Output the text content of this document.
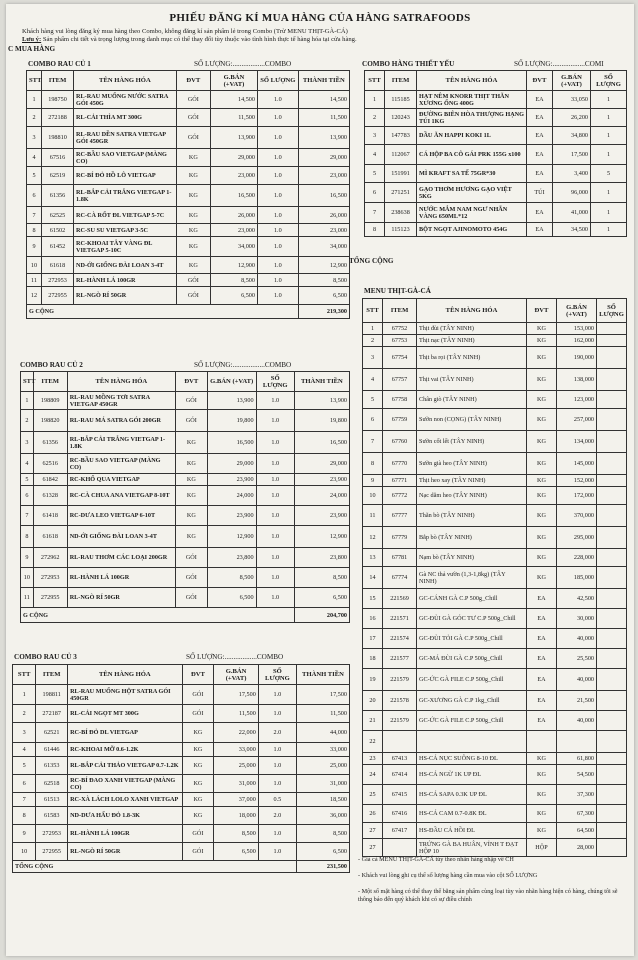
PHIẾU ĐĂNG KÍ MUA HÀNG CỦA HÀNG SATRAFOODS
Khách hàng vui lòng đăng ký mua hàng theo Combo, không đăng kí sản phẩm lẻ trong Combo (Trừ MENU THỊT-GÀ-CÁ)
Lưu ý: Sản phẩm chi tiết và trọng lượng trong danh mục có thể thay đổi tùy thuộc vào tình hình thực tế hàng hóa tại cửa hàng.
C MUA HÀNG
COMBO RAU CỦ 1	SỐ LƯỢNG:..................COMBO
STT	ITEM	TÊN HÀNG HÓA	ĐVT	G.BÁN (+VAT)	SỐ LƯỢNG	THÀNH TIỀN
1	198750	RL-RAU MUỐNG NƯỚC SATRA GÓI 450G	GÓI	14,500	1.0	14,500
2	272188	RL-CẢI THÌA MT 300G	GÓI	11,500	1.0	11,500
3	198810	RL-RAU DỀN SATRA VIETGAP GÓI 450GR	GÓI	13,900	1.0	13,900
4	67516	RC-BẦU SAO VIETGAP (MÀNG CO)	KG	29,000	1.0	29,000
5	62519	RC-BÍ ĐỎ HỒ LÔ VIETGAP	KG	23,000	1.0	23,000
6	61356	RL-BẮP CẢI TRẮNG VIETGAP 1-1.8K	KG	16,500	1.0	16,500
7	62525	RC-CÀ RỐT ĐL VIETGAP 5-7C	KG	26,000	1.0	26,000
8	61502	RC-SU SU VIETGAP 3-5C	KG	23,000	1.0	23,000
9	61452	RC-KHOAI TÂY VÀNG ĐL VIETGAP 5-10C	KG	34,000	1.0	34,000
10	61618	ND-ỚI GIỐNG ĐÀI LOAN 3-4T	KG	12,900	1.0	12,900
11	272953	RL-HÀNH LÁ 100GR	GÓI	8,500	1.0	8,500
12	272955	RL-NGÒ RÍ 50GR	GÓI	6,500	1.0	6,500
G CỘNG						219,300
COMBO RAU CỦ 2	SỐ LƯỢNG:..................COMBO
STT	ITEM	TÊN HÀNG HÓA	ĐVT	G.BÁN (+VAT)	SỐ LƯỢNG	THÀNH TIỀN
1	198809	RL-RAU MỒNG TƠI SATRA VIETGAP 450GR	GÓI	13,900	1.0	13,900
2	198820	RL-RAU MÁ SATRA GÓI 200GR	GÓI	19,800	1.0	19,800
3	61356	RL-BẮP CẢI TRẮNG VIETGAP 1-1.8K	KG	16,500	1.0	16,500
4	62516	RC-BẦU SAO VIETGAP (MÀNG CO)	KG	29,000	1.0	29,000
5	61842	RC-KHỔ QUA VIETGAP	KG	23,900	1.0	23,900
6	61328	RC-CÀ CHUA ANA VIETGAP 8-10T	KG	24,000	1.0	24,000
7	61418	RC-DƯA LEO VIETGAP 6-10T	KG	23,900	1.0	23,900
8	61618	ND-ỚI GIỐNG ĐÀI LOAN 3-4T	KG	12,900	1.0	12,900
9	272962	RL-RAU THƠM CÁC LOẠI 200GR	GÓI	23,800	1.0	23,800
10	272953	RL-HÀNH LÁ 100GR	GÓI	8,500	1.0	8,500
11	272955	RL-NGÒ RÍ 50GR	GÓI	6,500	1.0	6,500
G CỘNG						204,700
COMBO RAU CỦ 3	SỐ LƯỢNG:..................COMBO
STT	ITEM	TÊN HÀNG HÓA	ĐVT	G.BÁN (+VAT)	SỐ LƯỢNG	THÀNH TIỀN
1	198811	RL-RAU MUỐNG HỘT SATRA GÓI 450GR	GÓI	17,500	1.0	17,500
2	272187	RL-CẢI NGỌT MT 300G	GÓI	11,500	1.0	11,500
3	62521	RC-BÍ ĐỎ DL VIETGAP	KG	22,000	2.0	44,000
4	61446	RC-KHOAI MỠ 0.6-1.2K	KG	33,000	1.0	33,000
5	61353	RL-BẮP CẢI THẢO VIETGAP 0.7-1.2K	KG	25,000	1.0	25,000
6	62518	RC-BÍ ĐAO XANH VIETGAP (MÀNG CO)	KG	31,000	1.0	31,000
7	61513	RC-XÀ LÁCH LOLO XANH VIETGAP	KG	37,000	0.5	18,500
8	61583	ND-DƯA HẤU ĐỎ 1.8-3K	KG	18,000	2.0	36,000
9	272953	RL-HÀNH LÁ 100GR	GÓI	8,500	1.0	8,500
10	272955	RL-NGÒ RÍ 50GR	GÓI	6,500	1.0	6,500
TỔNG CỘNG						231,500
COMBO HÀNG THIẾT YẾU	SỐ LƯỢNG:..................COMI
STT	ITEM	TÊN HÀNG HÓA	ĐVT	G.BÁN (+VAT)	SỐ LƯỢNG
1	115185	HẠT NÊM KNORR THỊT THĂN XƯƠNG ỐNG 400G	EA	33,050	1
2	120243	ĐƯỜNG BIÊN HÒA THƯỢNG HẠNG TÚI 1KG	EA	26,200	1
3	147783	DẦU ĂN HAPPI KOKI 1L	EA	34,800	1
4	112067	CÁ HỘP BA CÔ GÁI PRK 155G x100	EA	17,500	1
5	151991	MÌ KRAFT SA TẾ 75GR*30	EA	3,400	5
6	271251	GẠO THƠM HƯƠNG GẠO VIỆT 5KG	TÚI	96,000	1
7	238638	NƯỚC MẮM NAM NGƯ NHÃN VÀNG 650ML*12	EA	41,000	1
8	115123	BỘT NGỌT AJINOMOTO 454G	EA	34,500	1
TỔNG CỘNG
MENU THỊT-GÀ-CÁ
STT	ITEM	TÊN HÀNG HÓA	ĐVT	G.BÁN (+VAT)	SỐ LƯỢNG
1	67752	Thịt đùi (TÂY NINH)	KG	153,000	
2	67753	Thịt nạc (TÂY NINH)	KG	162,000	
3	67754	Thịt ba rọi (TÂY NINH)	KG	190,000	
4	67757	Thịt vai (TÂY NINH)	KG	138,000	
5	67758	Chân giò (TÂY NINH)	KG	123,000	
6	67759	Sườn non (CỌNG) (TÂY NINH)	KG	257,000	
7	67760	Sườn cốt lết (TÂY NINH)	KG	134,000	
8	67770	Sườn già heo (TÂY NINH)	KG	145,000	
9	67771	Thịt heo xay (TÂY NINH)	KG	152,000	
10	67772	Nạc dăm heo (TÂY NINH)	KG	172,000	
11	67777	Thăn bò (TÂY NINH)	KG	370,000	
12	67779	Bắp bò (TÂY NINH)	KG	295,000	
13	67781	Nạm bò (TÂY NINH)	KG	228,000	
14	67774	Gà NC thả vườn (1,3-1,8kg) (TÂY NINH)	KG	185,000	
15	221569	GC-CÁNH GÀ C.P 500g_Chill	EA	42,500	
16	221571	GC-ĐÙI GÀ GÓC TƯ C.P 500g_Chill	EA	30,000	
17	221574	GC-ĐÙI TỎI GÀ C.P 500g_Chill	EA	40,000	
18	221577	GC-MÁ ĐÙI GÀ C.P 500g_Chill	EA	25,500	
19	221579	GC-ỨC GÀ FILE C.P 500g_Chill	EA	40,000	
20	221578	GC-XƯƠNG GÀ C.P 1kg_Chill	EA	21,500	
21	221579	GC-ỨC GÀ FILE C.P 500g_Chill	EA	40,000	
22					
23	67413	HS-CÁ NỤC SUÔNG 8-10 ĐL	KG	61,800	
24	67414	HS-CÁ NGỪ 1K UP ĐL	KG	54,500	
25	67415	HS-CÁ SAPA 0.3K UP ĐL	KG	37,300	
26	67416	HS-CÁ CAM 0.7-0.8K ĐL	KG	67,300	
27	67417	HS-ĐẦU CÁ HỒI ĐL	KG	64,500	
27		TRỨNG GÀ BA HUÂN, VỈNH T ĐẠT HỘP 10	HỘP	28,000	
- Giá cả MENU THỊT-GÀ-CÁ tùy theo nhãn hàng nhập về CH
- Khách vui lòng ghi cụ thể số lượng hàng cần mua vào cột SỐ LƯỢNG
- Một số mặt hàng có thể thay thế bằng sản phẩm cùng loại tùy vào nhãn hàng hiện có hàng, chúng tôi sẽ thông báo đến quý khách khi có sự điều chỉnh
